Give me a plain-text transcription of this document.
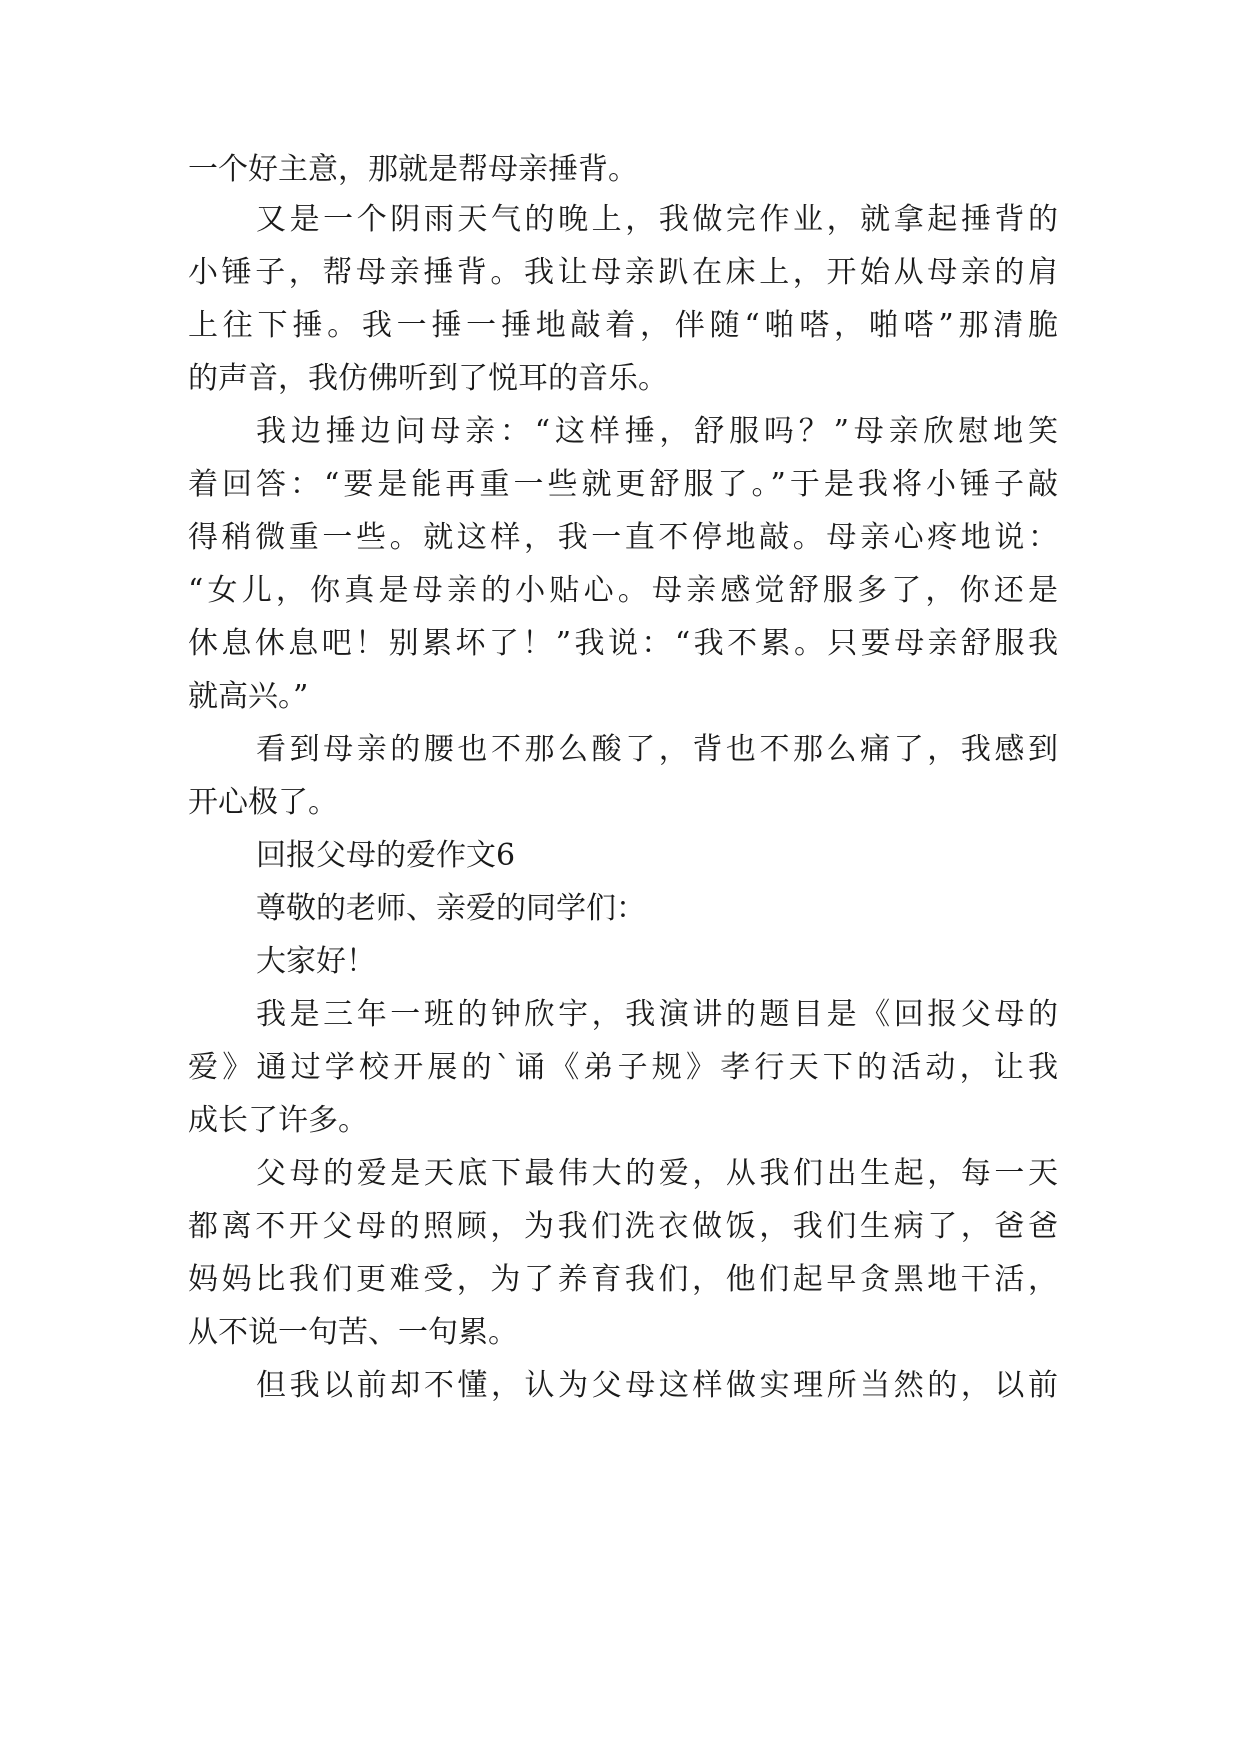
一个好主意，那就是帮母亲捶背。
又是一个阴雨天气的晚上，我做完作业，就拿起捶背的
小锤子，帮母亲捶背。我让母亲趴在床上，开始从母亲的肩
上往下捶。我一捶一捶地敲着，伴随“啪嗒，啪嗒”那清脆
的声音，我仿佛听到了悦耳的音乐。
我边捶边问母亲：“这样捶，舒服吗？”母亲欣慰地笑
着回答：“要是能再重一些就更舒服了。”于是我将小锤子敲
得稍微重一些。就这样，我一直不停地敲。母亲心疼地说：
“女儿，你真是母亲的小贴心。母亲感觉舒服多了，你还是
休息休息吧！别累坏了！”我说：“我不累。只要母亲舒服我
就高兴。”
看到母亲的腰也不那么酸了，背也不那么痛了，我感到
开心极了。
回报父母的爱作文6
尊敬的老师、亲爱的同学们：
大家好！
我是三年一班的钟欣宇，我演讲的题目是《回报父母的
爱》通过学校开展的`诵《弟子规》孝行天下的活动，让我
成长了许多。
父母的爱是天底下最伟大的爱，从我们出生起，每一天
都离不开父母的照顾，为我们洗衣做饭，我们生病了，爸爸
妈妈比我们更难受，为了养育我们，他们起早贪黑地干活，
从不说一句苦、一句累。
但我以前却不懂，认为父母这样做实理所当然的，以前
